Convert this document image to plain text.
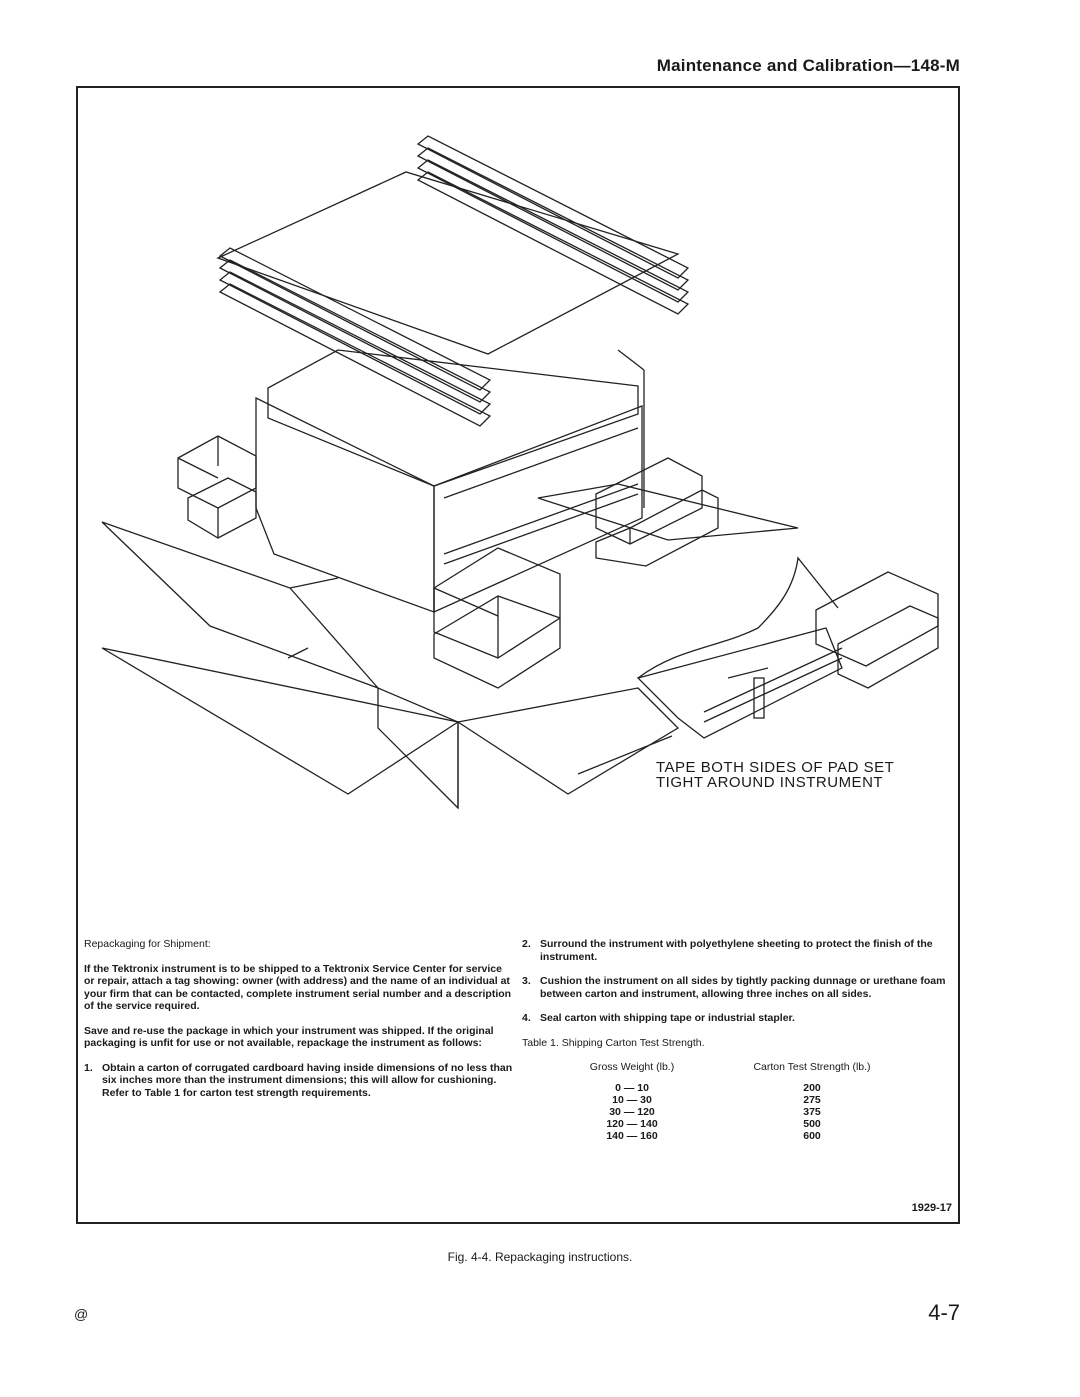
Maintenance and Calibration—148-M
TAPE BOTH SIDES OF PAD SET
TIGHT AROUND INSTRUMENT

Repackaging for Shipment:

If the Tektronix instrument is to be shipped to a Tektronix Service Center for service or repair, attach a tag showing: owner (with address) and the name of an individual at your firm that can be contacted, complete instrument serial number and a description of the service required.

Save and re-use the package in which your instrument was shipped. If the original packaging is unfit for use or not available, repackage the instrument as follows:

1. Obtain a carton of corrugated cardboard having inside dimensions of no less than six inches more than the instrument dimensions; this will allow for cushioning. Refer to Table 1 for carton test strength requirements.
2. Surround the instrument with polyethylene sheeting to protect the finish of the instrument.
3. Cushion the instrument on all sides by tightly packing dunnage or urethane foam between carton and instrument, allowing three inches on all sides.
4. Seal carton with shipping tape or industrial stapler.

Table 1. Shipping Carton Test Strength.

Gross Weight (lb.)	Carton Test Strength (lb.)
0 — 10	200
10 — 30	275
30 — 120	375
120 — 140	500
140 — 160	600
1929-17
Fig. 4-4. Repackaging instructions.
@	4-7
